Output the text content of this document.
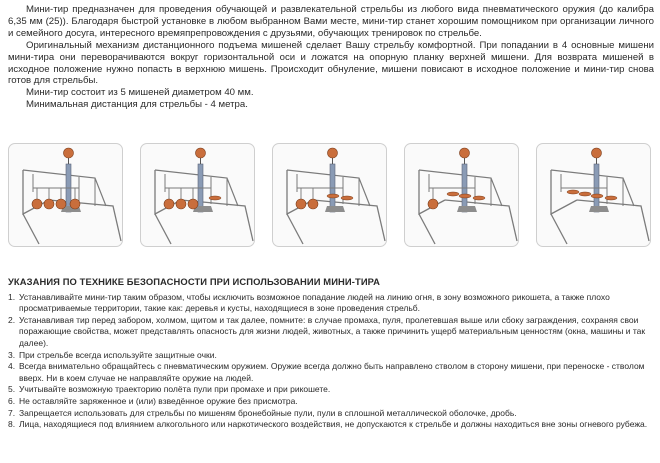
Мини-тир предназначен для проведения обучающей и развлекательной стрельбы из любого вида пневматического оружия (до калибра 6,35 мм (25)). Благодаря быстрой установке в любом выбранном Вами месте, мини-тир станет хорошим помощником при организации личного и семейного досуга, интересного времяпрепровождения с друзьями, обучающих тренировок по стрельбе.

Оригинальный механизм дистанционного подъема мишеней сделает Вашу стрельбу комфортной. При попадании в 4 основные мишени мини-тира они переворачиваются вокруг горизонтальной оси и ложатся на опорную планку верхней мишени. Для возврата мишеней в исходное положение нужно попасть в верхнюю мишень. Происходит обнуление, мишени повисают в исходное положение и мини-тир снова готов для стрельбы.

Мини-тир состоит из 5 мишеней диаметром 40 мм.

Минимальная дистанция для стрельбы - 4 метра.

УКАЗАНИЯ ПО ТЕХНИКЕ БЕЗОПАСНОСТИ ПРИ ИСПОЛЬЗОВАНИИ МИНИ-ТИРА
1. Устанавливайте мини-тир таким образом, чтобы исключить возможное попадание людей на линию огня, в зону возможного рикошета, а также плохо просматриваемые территории, такие как: деревья и кусты, находящиеся в зоне проведения стрельб.
2. Устанавливая тир перед забором, холмом, щитом и так далее, помните: в случае промаха, пуля, пролетевшая выше или сбоку заграждения, сохраняя свои поражающие свойства, может представлять опасность для жизни людей, животных, а также причинить ущерб материальным ценностям (окна, машины и так далее).
3. При стрельбе всегда используйте защитные очки.
4. Всегда внимательно обращайтесь с пневматическим оружием. Оружие всегда должно быть направлено стволом в сторону мишени, при переноске - стволом вверх. Ни в коем случае не направляйте оружие на людей.
5. Учитывайте возможную траекторию полёта пули при промахе и при рикошете.
6. Не оставляйте заряженное и (или) взведённое оружие без присмотра.
7. Запрещается использовать для стрельбы по мишеням бронебойные пули, пули в сплошной металлической оболочке, дробь.
8. Лица, находящиеся под влиянием алкогольного или наркотического воздействия, не допускаются к стрельбе и должны находиться вне зоны огневого рубежа.
